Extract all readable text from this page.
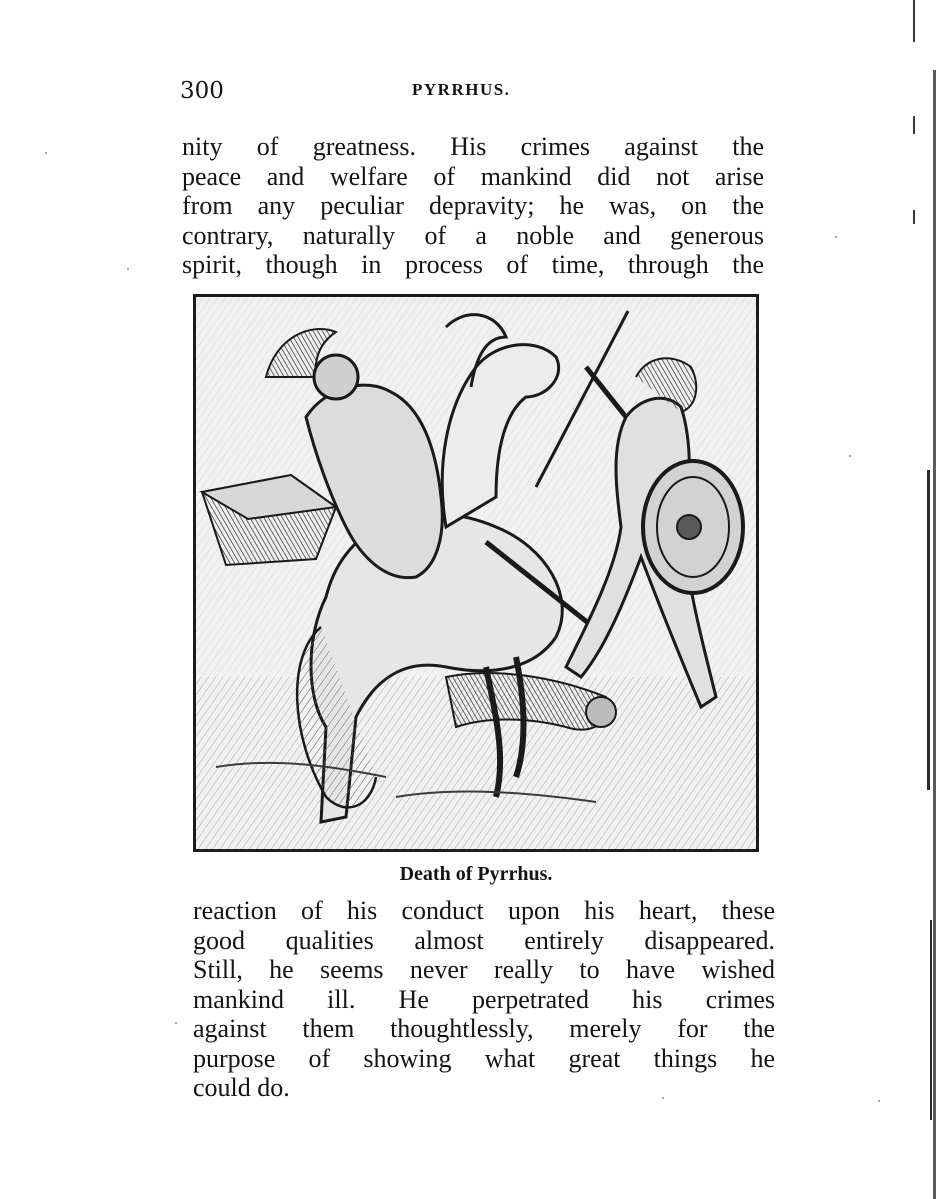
300	PYRRHUS.

nity of greatness. His crimes against the
peace and welfare of mankind did not arise
from any peculiar depravity; he was, on the
contrary, naturally of a noble and generous
spirit, though in process of time, through the

Death of Pyrrhus.

reaction of his conduct upon his heart, these
good qualities almost entirely disappeared.
Still, he seems never really to have wished
mankind ill. He perpetrated his crimes
against them thoughtlessly, merely for the
purpose of showing what great things he
could do.
